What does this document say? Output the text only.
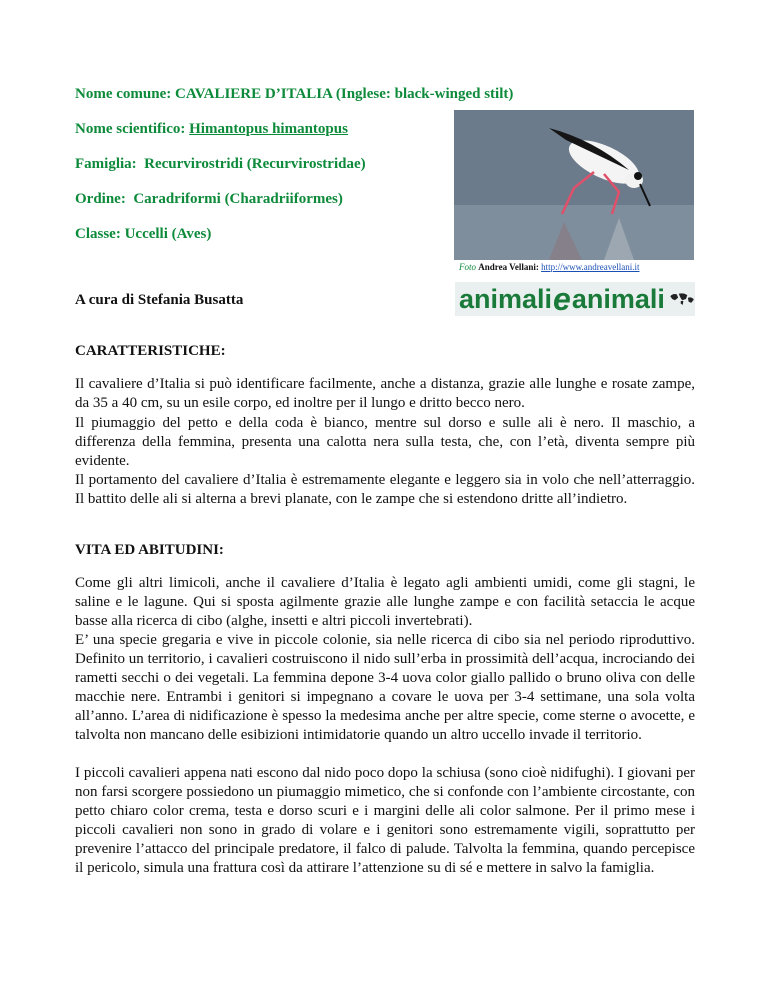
Nome comune: CAVALIERE D’ITALIA (Inglese: black-winged stilt)

Nome scientifico: Himantopus himantopus

Famiglia: Recurvirostridi (Recurvirostridae)

Ordine: Caradriformi (Charadriiformes)

Classe: Uccelli (Aves)

Foto Andrea Vellani: http://www.andreavellani.it
animali e animali

A cura di Stefania Busatta

CARATTERISTICHE:

Il cavaliere d’Italia si può identificare facilmente, anche a distanza, grazie alle lunghe e rosate zampe, da 35 a 40 cm, su un esile corpo, ed inoltre per il lungo e dritto becco nero.

Il piumaggio del petto e della coda è bianco, mentre sul dorso e sulle ali è nero. Il maschio, a differenza della femmina, presenta una calotta nera sulla testa, che, con l’età, diventa sempre più evidente.

Il portamento del cavaliere d’Italia è estremamente elegante e leggero sia in volo che nell’atterraggio. Il battito delle ali si alterna a brevi planate, con le zampe che si estendono dritte all’indietro.

VITA ED ABITUDINI:

Come gli altri limicoli, anche il cavaliere d’Italia è legato agli ambienti umidi, come gli stagni, le saline e le lagune. Qui si sposta agilmente grazie alle lunghe zampe e con facilità setaccia le acque basse alla ricerca di cibo (alghe, insetti e altri piccoli invertebrati).

E’ una specie gregaria e vive in piccole colonie, sia nelle ricerca di cibo sia nel periodo riproduttivo. Definito un territorio, i cavalieri costruiscono il nido sull’erba in prossimità dell’acqua, incrociando dei rametti secchi o dei vegetali. La femmina depone 3-4 uova color giallo pallido o bruno oliva con delle macchie nere. Entrambi i genitori si impegnano a covare le uova per 3-4 settimane, una sola volta all’anno. L’area di nidificazione è spesso la medesima anche per altre specie, come sterne o avocette, e talvolta non mancano delle esibizioni intimidatorie quando un altro uccello invade il territorio.

I piccoli cavalieri appena nati escono dal nido poco dopo la schiusa (sono cioè nidifughi). I giovani per non farsi scorgere possiedono un piumaggio mimetico, che si confonde con l’ambiente circostante, con petto chiaro color crema, testa e dorso scuri e i margini delle ali color salmone. Per il primo mese i piccoli cavalieri non sono in grado di volare e i genitori sono estremamente vigili, soprattutto per prevenire l’attacco del principale predatore, il falco di palude. Talvolta la femmina, quando percepisce il pericolo, simula una frattura così da attirare l’attenzione su di sé e mettere in salvo la famiglia.
